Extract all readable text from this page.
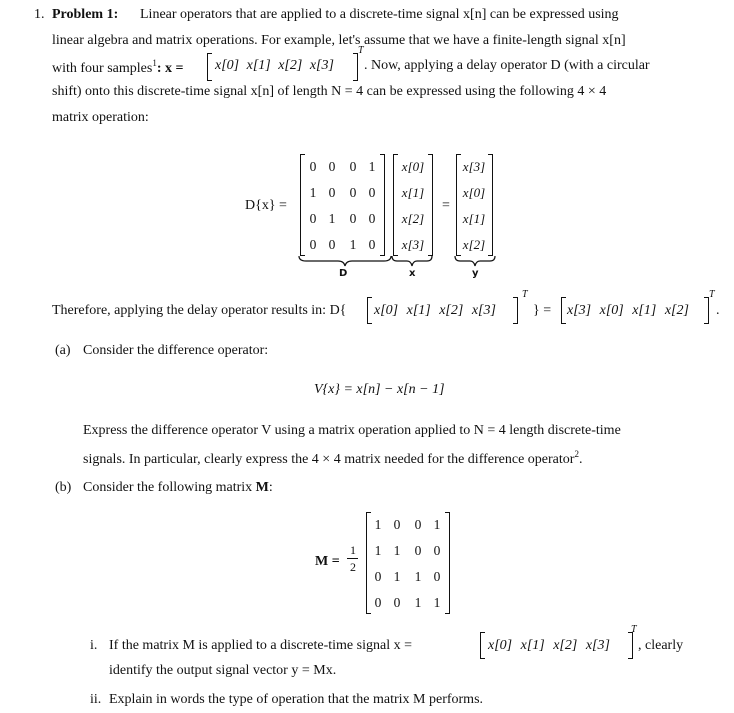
1. Problem 1: Linear operators that are applied to a discrete-time signal x[n] can be expressed using
linear algebra and matrix operations. For example, let's assume that we have a finite-length signal x[n]
with four samples$^1$: x = x[0] x[1] x[2] x[3]
T
. Now, applying a delay operator D (with a circular
shift) onto this discrete-time signal x[n] of length N = 4 can be expressed using the following 4 × 4
matrix operation:
D{x} =
0 0 0 1
1 0 0 0
0 1 0 0
0 0 1 0
x[0]
x[1]
x[2]
x[3]
=
x[3]
x[0]
x[1]
x[2]
D	x	y
Therefore, applying the delay operator results in: D{ x[0] x[1] x[2] x[3]
T
} = x[3] x[0] x[1] x[2]
T
.
(a) Consider the difference operator:
V{x} = x[n] − x[n − 1]
Express the difference operator V using a matrix operation applied to N = 4 length discrete-time
signals. In particular, clearly express the 4 × 4 matrix needed for the difference operator$^2$.
(b) Consider the following matrix M:
M =
1
2
1 0 0 1
1 1 0 0
0 1 1 0
0 0 1 1
i. If the matrix M is applied to a discrete-time signal x =	x[0] x[1] x[2] x[3]
T
, clearly
identify the output signal vector y = Mx.
ii. Explain in words the type of operation that the matrix M performs.
